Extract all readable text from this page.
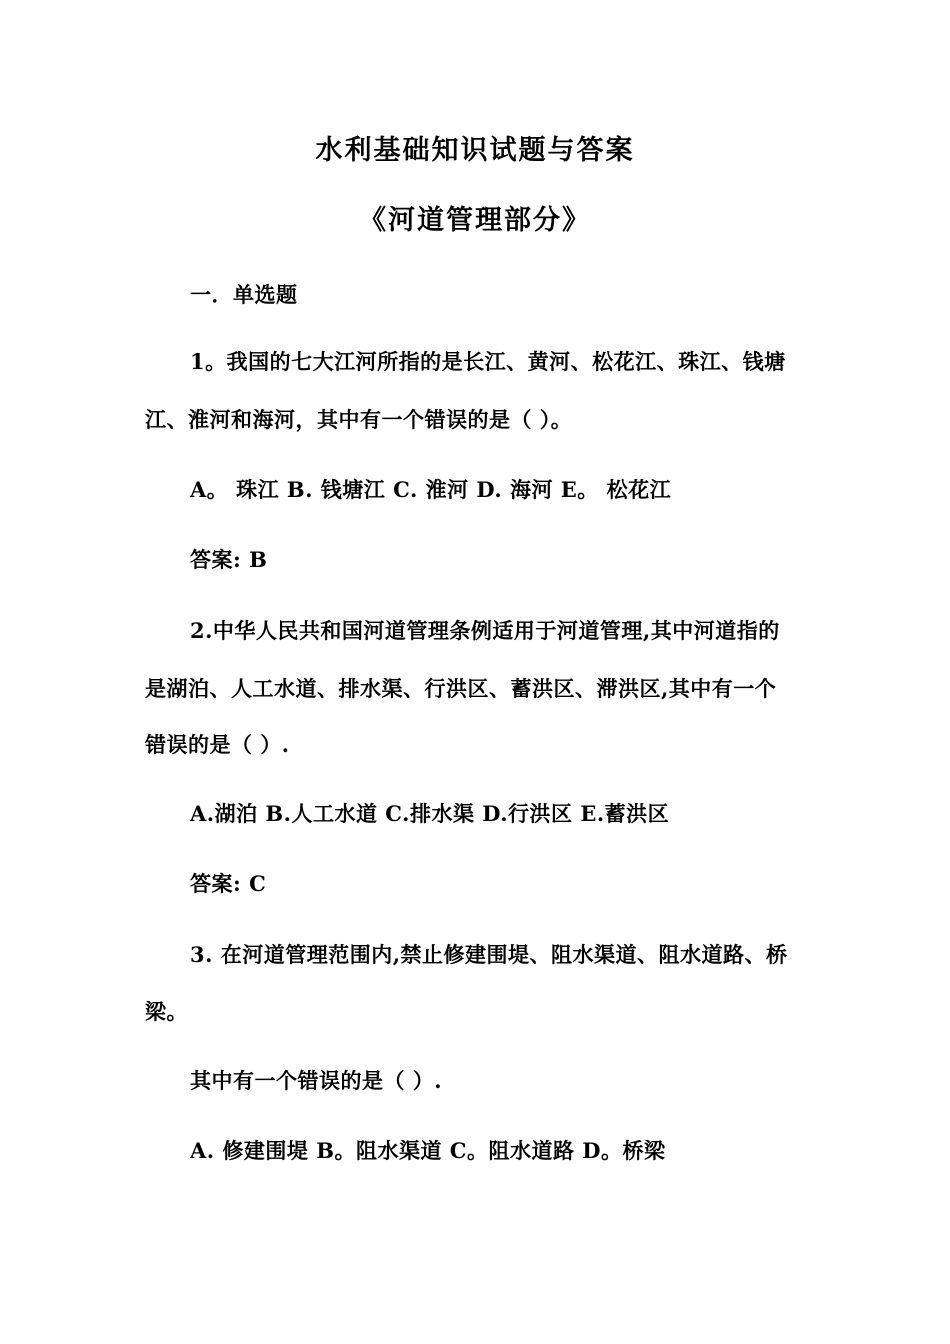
水利基础知识试题与答案
《河道管理部分》
一．单选题
1。我国的七大江河所指的是长江、黄河、松花江、珠江、钱塘
江、淮河和海河，其中有一个错误的是（ ）。
A。 珠江 B. 钱塘江 C. 淮河 D. 海河 E。 松花江
答案: B
2.中华人民共和国河道管理条例适用于河道管理,其中河道指的
是湖泊、人工水道、排水渠、行洪区、蓄洪区、滞洪区,其中有一个
错误的是（ ）.
A.湖泊 B.人工水道 C.排水渠 D.行洪区 E.蓄洪区
答案: C
3. 在河道管理范围内,禁止修建围堤、阻水渠道、阻水道路、桥
梁。
其中有一个错误的是（ ）.
A. 修建围堤 B。阻水渠道 C。阻水道路 D。桥梁
